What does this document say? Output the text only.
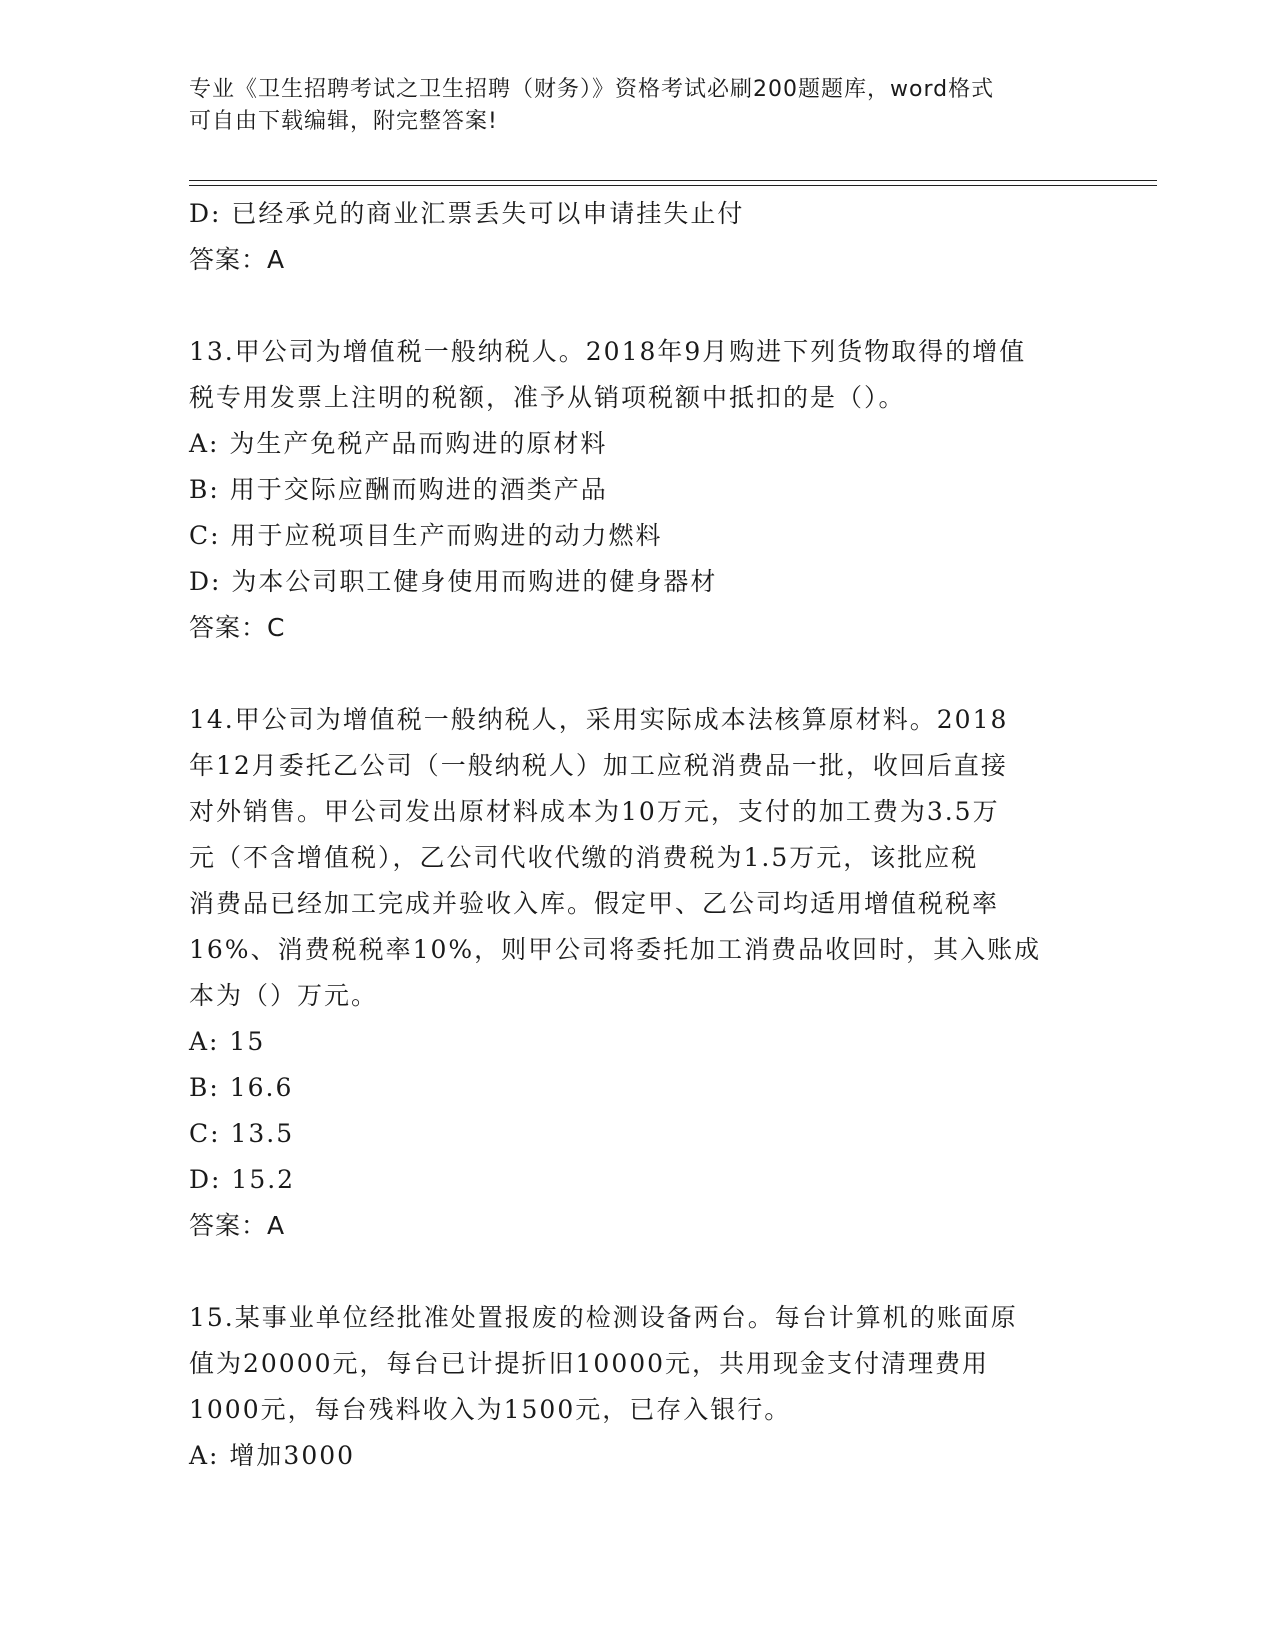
专业《卫生招聘考试之卫生招聘（财务）》资格考试必刷200题题库，word格式
可自由下载编辑，附完整答案!
D: 已经承兑的商业汇票丢失可以申请挂失止付
答案：A
13.甲公司为增值税一般纳税人。2018年9月购进下列货物取得的增值
税专用发票上注明的税额，准予从销项税额中抵扣的是（）。
A: 为生产免税产品而购进的原材料
B: 用于交际应酬而购进的酒类产品
C: 用于应税项目生产而购进的动力燃料
D: 为本公司职工健身使用而购进的健身器材
答案：C
14.甲公司为增值税一般纳税人，采用实际成本法核算原材料。2018
年12月委托乙公司（一般纳税人）加工应税消费品一批，收回后直接
对外销售。甲公司发出原材料成本为10万元，支付的加工费为3.5万
元（不含增值税），乙公司代收代缴的消费税为1.5万元，该批应税
消费品已经加工完成并验收入库。假定甲、乙公司均适用增值税税率
16%、消费税税率10%，则甲公司将委托加工消费品收回时，其入账成
本为（）万元。
A: 15
B: 16.6
C: 13.5
D: 15.2
答案：A
15.某事业单位经批准处置报废的检测设备两台。每台计算机的账面原
值为20000元，每台已计提折旧10000元，共用现金支付清理费用
1000元，每台残料收入为1500元，已存入银行。
A: 增加3000
